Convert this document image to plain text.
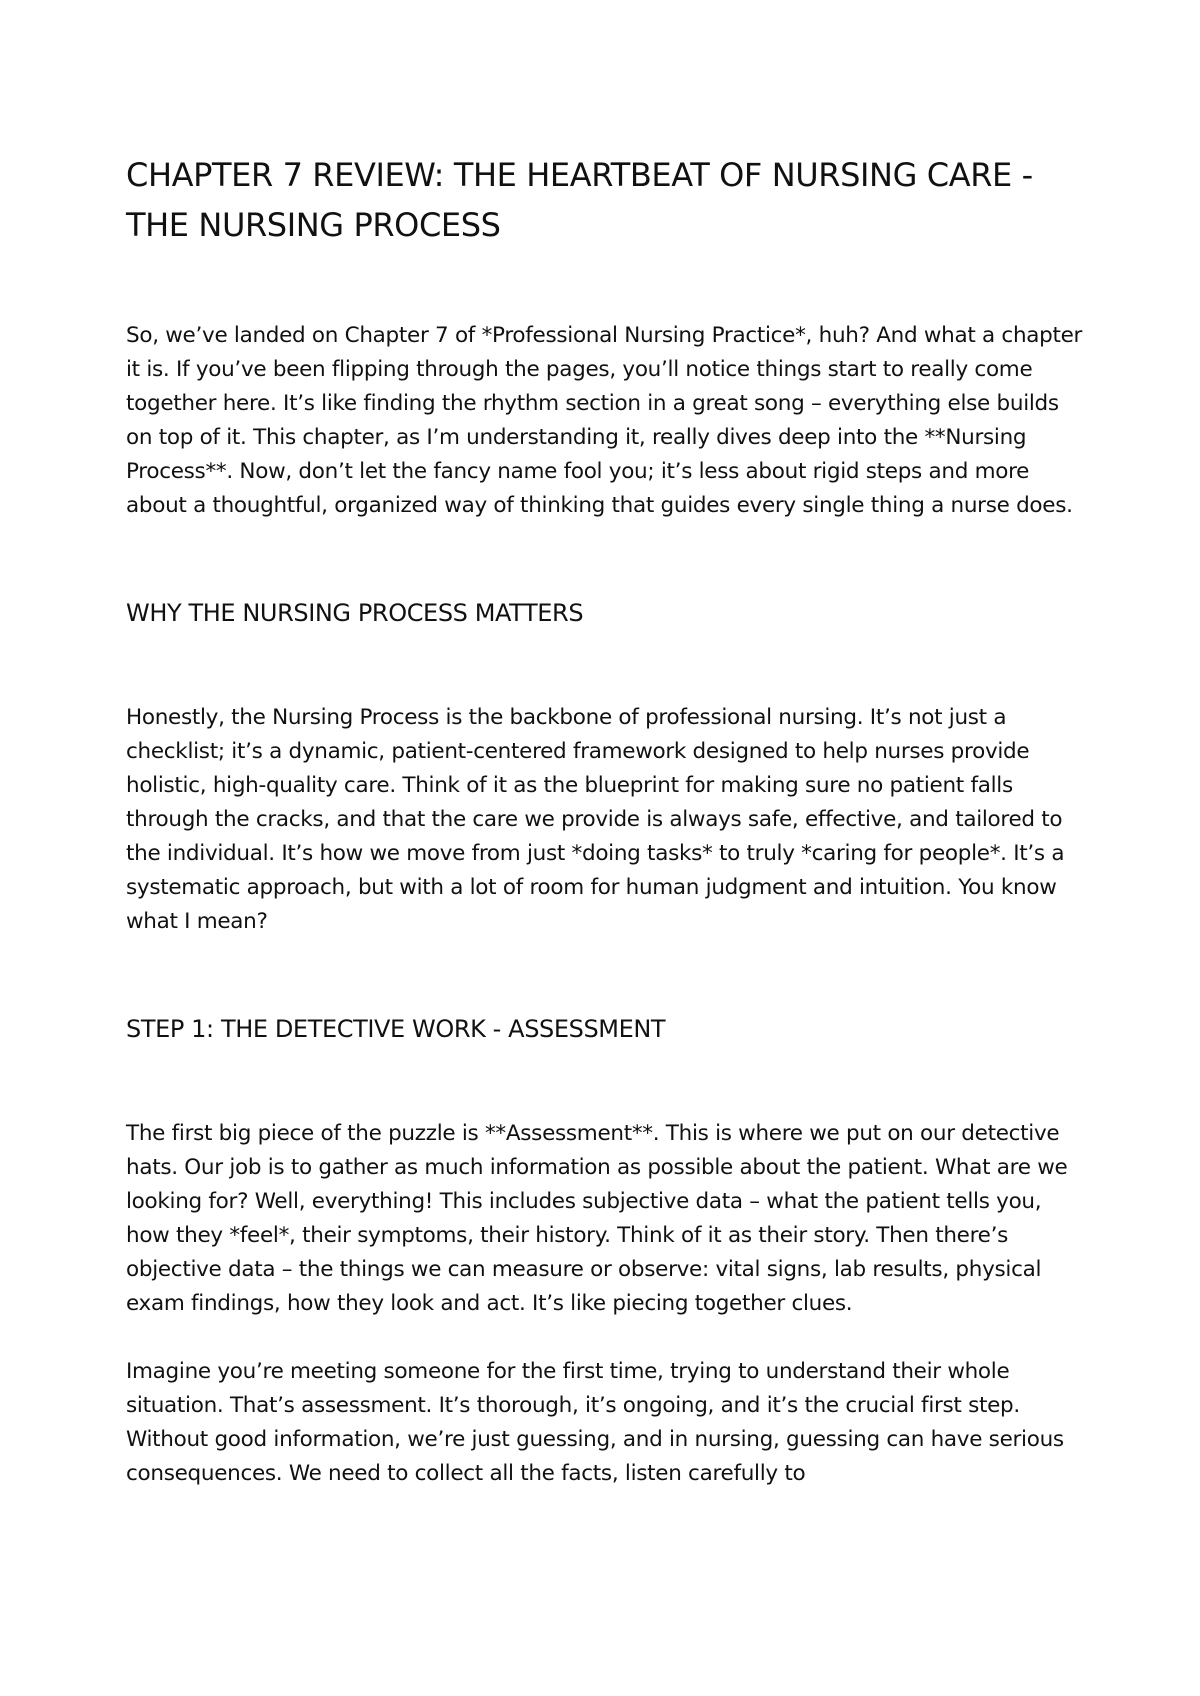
CHAPTER 7 REVIEW: THE HEARTBEAT OF NURSING CARE - THE NURSING PROCESS

So, we’ve landed on Chapter 7 of *Professional Nursing Practice*, huh? And what a chapter it is. If you’ve been flipping through the pages, you’ll notice things start to really come together here. It’s like finding the rhythm section in a great song – everything else builds on top of it. This chapter, as I’m understanding it, really dives deep into the **Nursing Process**. Now, don’t let the fancy name fool you; it’s less about rigid steps and more about a thoughtful, organized way of thinking that guides every single thing a nurse does.

WHY THE NURSING PROCESS MATTERS

Honestly, the Nursing Process is the backbone of professional nursing. It’s not just a checklist; it’s a dynamic, patient-centered framework designed to help nurses provide holistic, high-quality care. Think of it as the blueprint for making sure no patient falls through the cracks, and that the care we provide is always safe, effective, and tailored to the individual. It’s how we move from just *doing tasks* to truly *caring for people*. It’s a systematic approach, but with a lot of room for human judgment and intuition. You know what I mean?

STEP 1: THE DETECTIVE WORK - ASSESSMENT

The first big piece of the puzzle is **Assessment**. This is where we put on our detective hats. Our job is to gather as much information as possible about the patient. What are we looking for? Well, everything! This includes subjective data – what the patient tells you, how they *feel*, their symptoms, their history. Think of it as their story. Then there’s objective data – the things we can measure or observe: vital signs, lab results, physical exam findings, how they look and act. It’s like piecing together clues.

Imagine you’re meeting someone for the first time, trying to understand their whole situation. That’s assessment. It’s thorough, it’s ongoing, and it’s the crucial first step. Without good information, we’re just guessing, and in nursing, guessing can have serious consequences. We need to collect all the facts, listen carefully to
